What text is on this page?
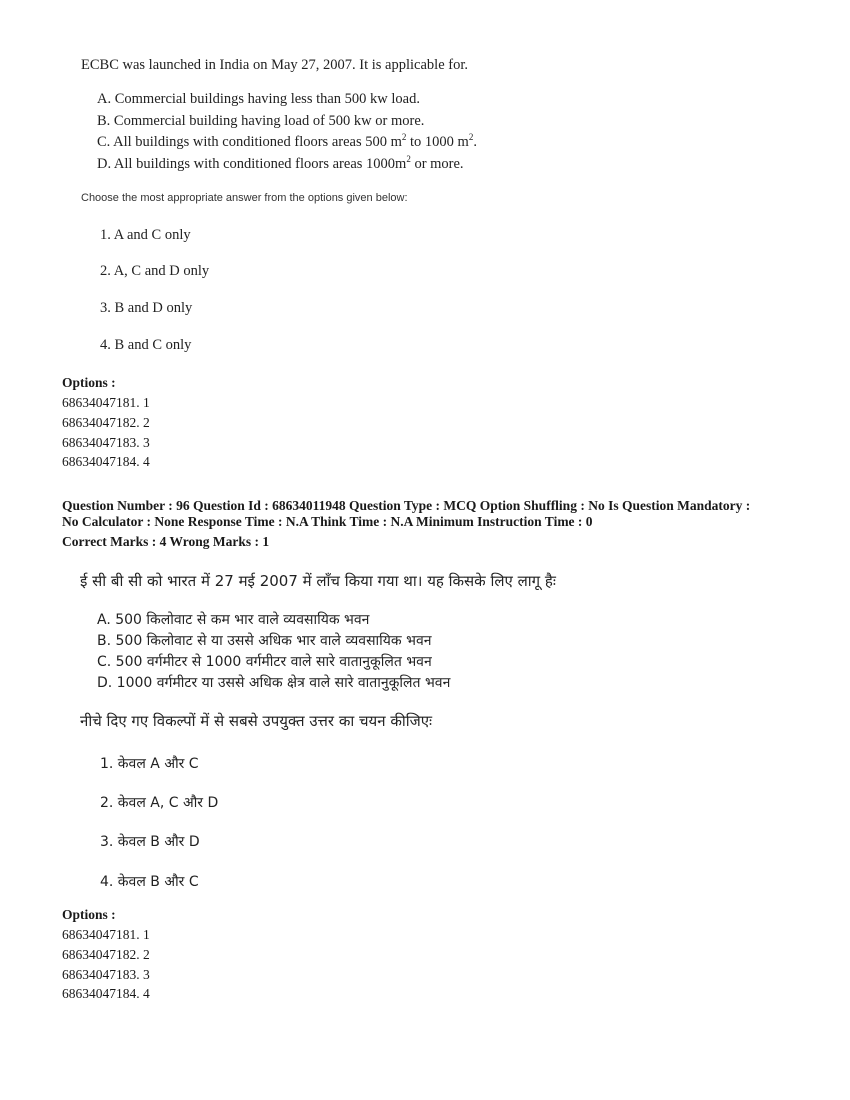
ECBC was launched in India on May 27, 2007. It is applicable for.
A. Commercial buildings having less than 500 kw load.
B. Commercial building having load of 500 kw or more.
C. All buildings with conditioned floors areas 500 $m^2$ to 1000 $m^2$.
D. All buildings with conditioned floors areas $1000m^2$ or more.
Choose the most appropriate answer from the options given below:
1. A and C only
2. A, C and D only
3. B and D only
4. B and C only
Options :
68634047181. 1
68634047182. 2
68634047183. 3
68634047184. 4
Question Number : 96 Question Id : 68634011948 Question Type : MCQ Option Shuffling : No Is Question Mandatory :
No Calculator : None Response Time : N.A Think Time : N.A Minimum Instruction Time : 0
Correct Marks : 4 Wrong Marks : 1
ई सी बी सी को भारत में 27 मई 2007 में लाँच किया गया था। यह किसके लिए लागू हैः
A. 500 किलोवाट से कम भार वाले व्यवसायिक भवन
B. 500 किलोवाट से या उससे अधिक भार वाले व्यवसायिक भवन
C. 500 वर्गमीटर से 1000 वर्गमीटर वाले सारे वातानुकूलित भवन
D. 1000 वर्गमीटर या उससे अधिक क्षेत्र वाले सारे वातानुकूलित भवन
नीचे दिए गए विकल्पों में से सबसे उपयुक्त उत्तर का चयन कीजिएः
1. केवल A और C
2. केवल A, C और D
3. केवल B और D
4. केवल B और C
Options :
68634047181. 1
68634047182. 2
68634047183. 3
68634047184. 4
